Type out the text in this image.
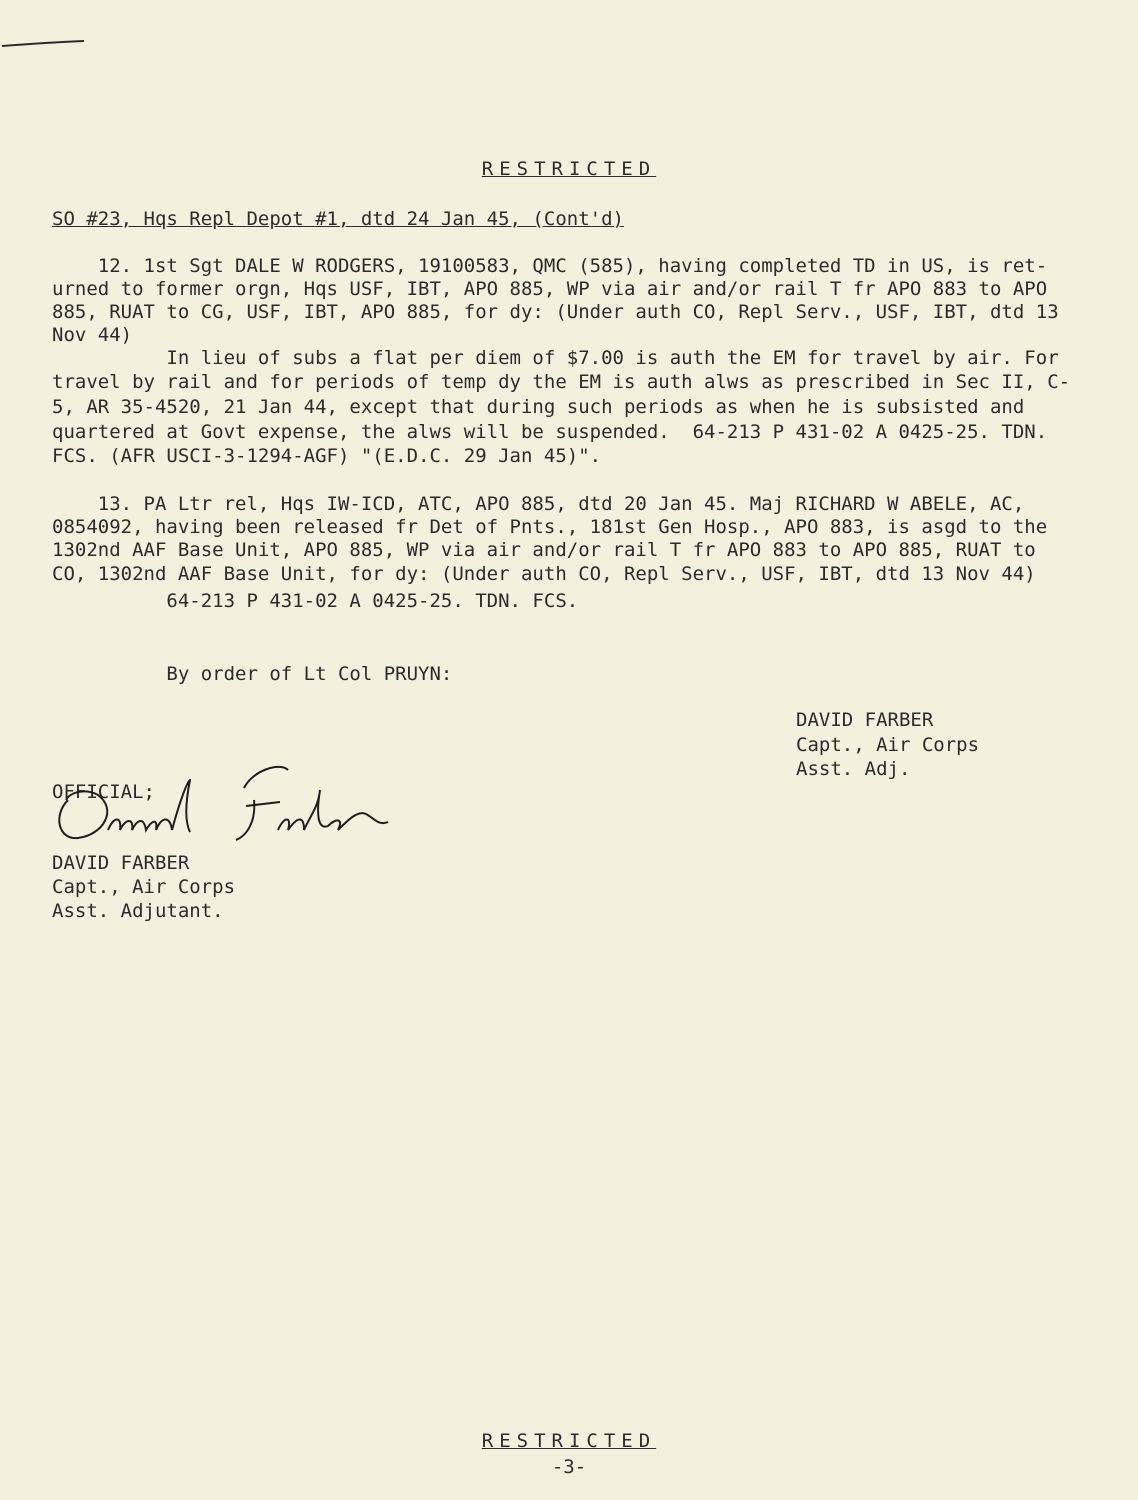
RESTRICTED
SO #23, Hqs Repl Depot #1, dtd 24 Jan 45, (Cont'd)
12. 1st Sgt DALE W RODGERS, 19100583, QMC (585), having completed TD in US, is ret-
urned to former orgn, Hqs USF, IBT, APO 885, WP via air and/or rail T fr APO 883 to APO
885, RUAT to CG, USF, IBT, APO 885, for dy: (Under auth CO, Repl Serv., USF, IBT, dtd 13
Nov 44)
In lieu of subs a flat per diem of $7.00 is auth the EM for travel by air. For
travel by rail and for periods of temp dy the EM is auth alws as prescribed in Sec II, C-
5, AR 35-4520, 21 Jan 44, except that during such periods as when he is subsisted and
quartered at Govt expense, the alws will be suspended.  64-213 P 431-02 A 0425-25. TDN.
FCS. (AFR USCI-3-1294-AGF) "(E.D.C. 29 Jan 45)".
13. PA Ltr rel, Hqs IW-ICD, ATC, APO 885, dtd 20 Jan 45. Maj RICHARD W ABELE, AC,
0854092, having been released fr Det of Pnts., 181st Gen Hosp., APO 883, is asgd to the
1302nd AAF Base Unit, APO 885, WP via air and/or rail T fr APO 883 to APO 885, RUAT to
CO, 1302nd AAF Base Unit, for dy: (Under auth CO, Repl Serv., USF, IBT, dtd 13 Nov 44)
64-213 P 431-02 A 0425-25. TDN. FCS.
By order of Lt Col PRUYN:
DAVID FARBER
Capt., Air Corps
Asst. Adj.
OFFICIAL;
DAVID FARBER
Capt., Air Corps
Asst. Adjutant.
RESTRICTED
-3-
